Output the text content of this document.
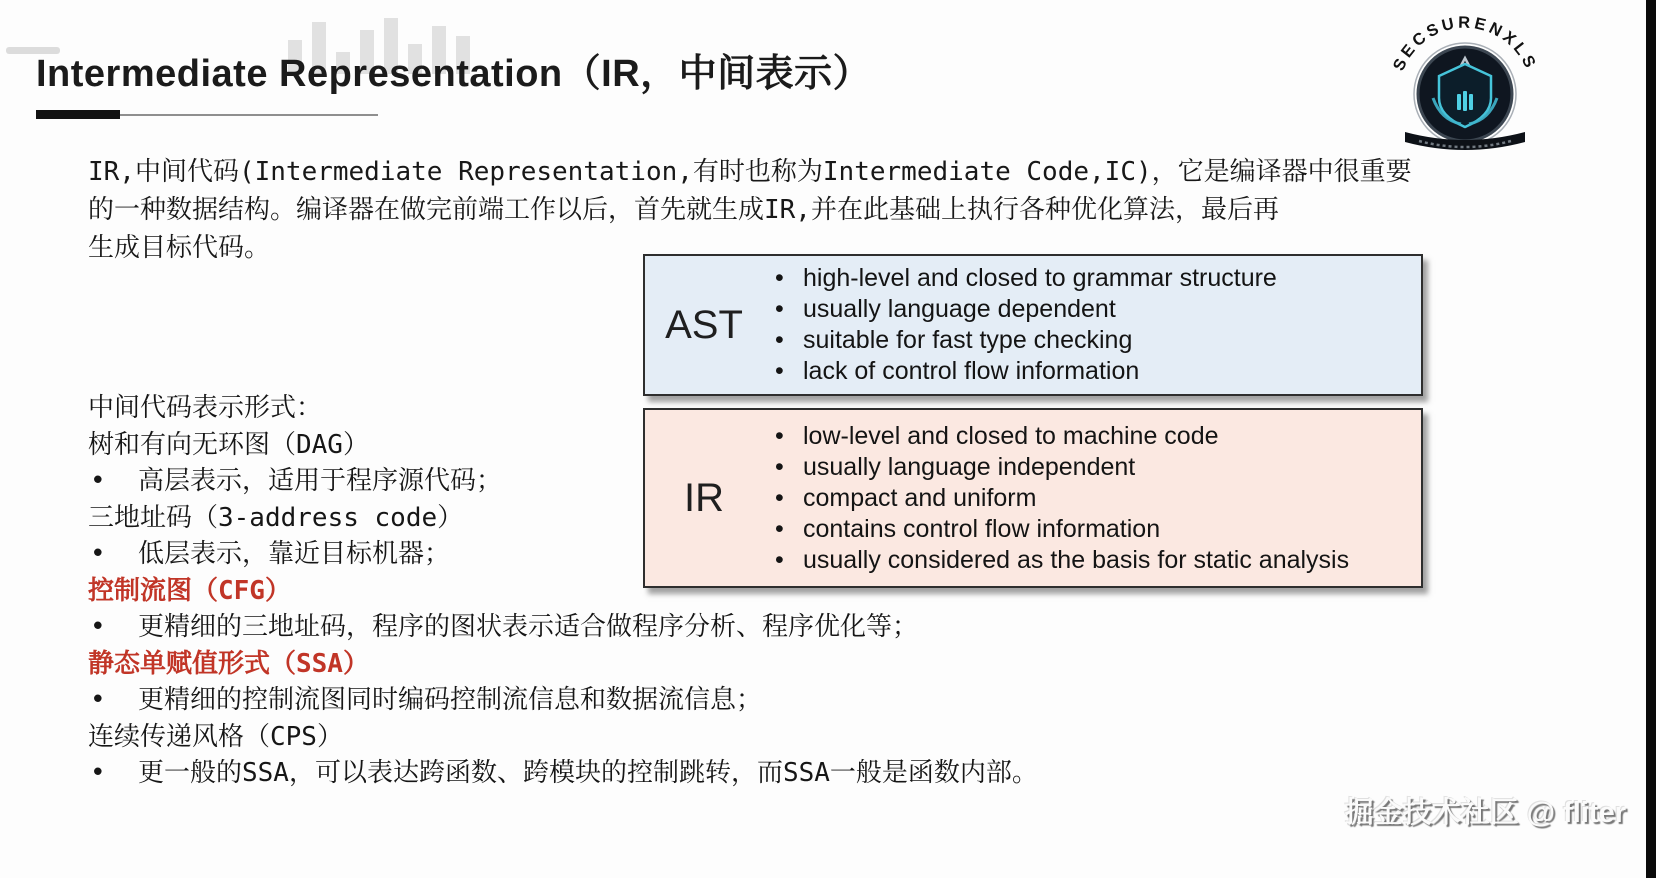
Intermediate Representation（IR，中间表示）	SECSURENXLS
IR,中间代码(Intermediate Representation,有时也称为Intermediate Code,IC)，它是编译器中很重要
的一种数据结构。编译器在做完前端工作以后，首先就生成IR,并在此基础上执行各种优化算法，最后再
生成目标代码。
AST
• high-level and closed to grammar structure
• usually language dependent
• suitable for fast type checking
• lack of control flow information
IR
• low-level and closed to machine code
• usually language independent
• compact and uniform
• contains control flow information
• usually considered as the basis for static analysis
中间代码表示形式：
树和有向无环图（DAG）
• 高层表示，适用于程序源代码；
三地址码（3-address code）
• 低层表示，靠近目标机器；
控制流图（CFG）
• 更精细的三地址码，程序的图状表示适合做程序分析、程序优化等；
静态单赋值形式（SSA）
• 更精细的控制流图同时编码控制流信息和数据流信息；
连续传递风格（CPS）
• 更一般的SSA，可以表达跨函数、跨模块的控制跳转，而SSA一般是函数内部。
掘金技术社区 @ fliter
